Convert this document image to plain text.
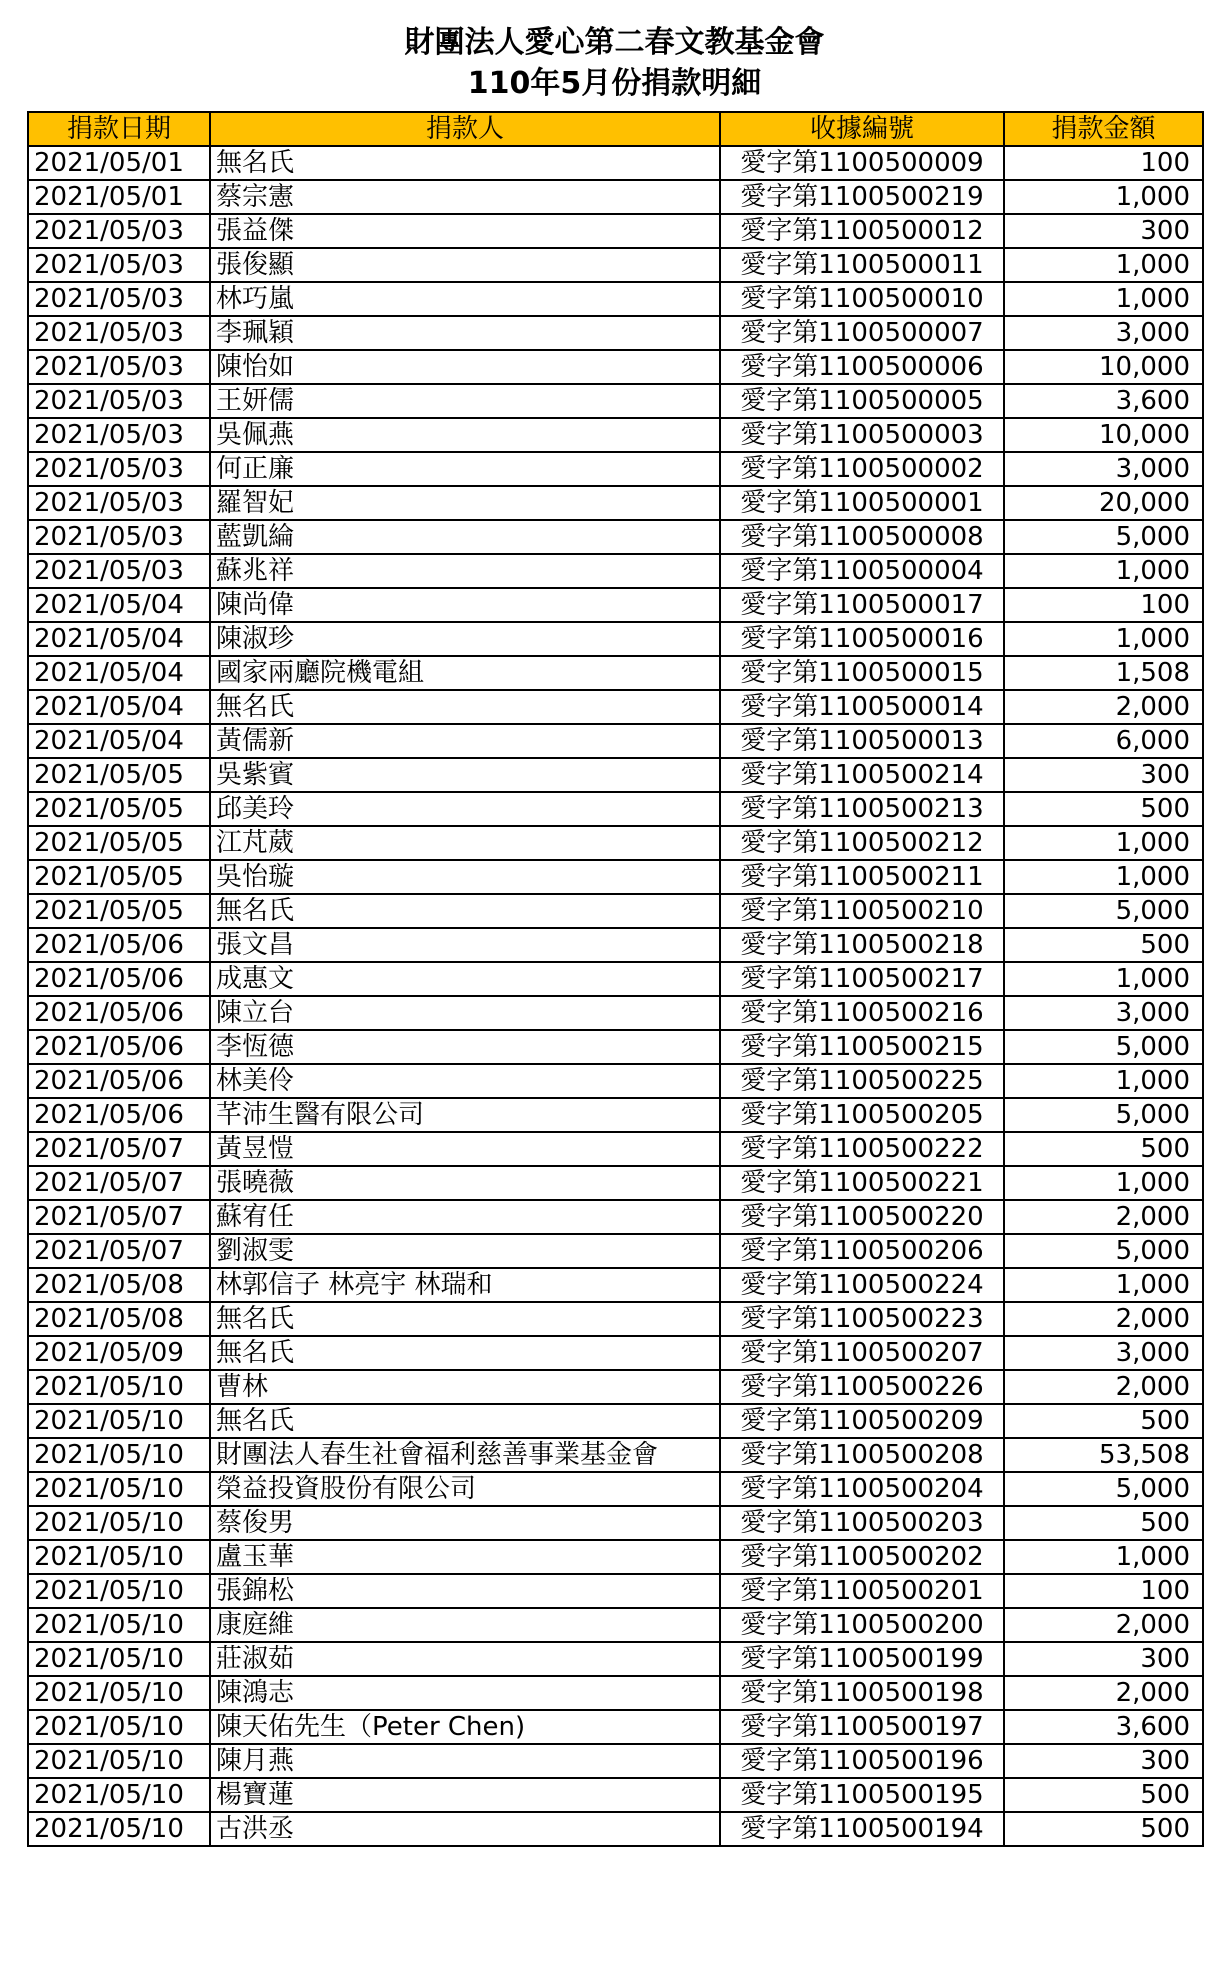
財團法人愛心第二春文教基金會
110年5月份捐款明細
捐款日期	捐款人	收據編號	捐款金額
2021/05/01	無名氏	愛字第1100500009	100
2021/05/01	蔡宗憲	愛字第1100500219	1,000
2021/05/03	張益傑	愛字第1100500012	300
2021/05/03	張俊顯	愛字第1100500011	1,000
2021/05/03	林巧嵐	愛字第1100500010	1,000
2021/05/03	李珮穎	愛字第1100500007	3,000
2021/05/03	陳怡如	愛字第1100500006	10,000
2021/05/03	王妍儒	愛字第1100500005	3,600
2021/05/03	吳佩燕	愛字第1100500003	10,000
2021/05/03	何正廉	愛字第1100500002	3,000
2021/05/03	羅智妃	愛字第1100500001	20,000
2021/05/03	藍凱綸	愛字第1100500008	5,000
2021/05/03	蘇兆祥	愛字第1100500004	1,000
2021/05/04	陳尚偉	愛字第1100500017	100
2021/05/04	陳淑珍	愛字第1100500016	1,000
2021/05/04	國家兩廳院機電組	愛字第1100500015	1,508
2021/05/04	無名氏	愛字第1100500014	2,000
2021/05/04	黃儒新	愛字第1100500013	6,000
2021/05/05	吳紫賓	愛字第1100500214	300
2021/05/05	邱美玲	愛字第1100500213	500
2021/05/05	江芃葳	愛字第1100500212	1,000
2021/05/05	吳怡璇	愛字第1100500211	1,000
2021/05/05	無名氏	愛字第1100500210	5,000
2021/05/06	張文昌	愛字第1100500218	500
2021/05/06	成惠文	愛字第1100500217	1,000
2021/05/06	陳立台	愛字第1100500216	3,000
2021/05/06	李恆德	愛字第1100500215	5,000
2021/05/06	林美伶	愛字第1100500225	1,000
2021/05/06	芊沛生醫有限公司	愛字第1100500205	5,000
2021/05/07	黃昱愷	愛字第1100500222	500
2021/05/07	張曉薇	愛字第1100500221	1,000
2021/05/07	蘇宥任	愛字第1100500220	2,000
2021/05/07	劉淑雯	愛字第1100500206	5,000
2021/05/08	林郭信子 林亮宇 林瑞和	愛字第1100500224	1,000
2021/05/08	無名氏	愛字第1100500223	2,000
2021/05/09	無名氏	愛字第1100500207	3,000
2021/05/10	曹林	愛字第1100500226	2,000
2021/05/10	無名氏	愛字第1100500209	500
2021/05/10	財團法人春生社會福利慈善事業基金會	愛字第1100500208	53,508
2021/05/10	榮益投資股份有限公司	愛字第1100500204	5,000
2021/05/10	蔡俊男	愛字第1100500203	500
2021/05/10	盧玉華	愛字第1100500202	1,000
2021/05/10	張錦松	愛字第1100500201	100
2021/05/10	康庭維	愛字第1100500200	2,000
2021/05/10	莊淑茹	愛字第1100500199	300
2021/05/10	陳鴻志	愛字第1100500198	2,000
2021/05/10	陳天佑先生（Peter Chen)	愛字第1100500197	3,600
2021/05/10	陳月燕	愛字第1100500196	300
2021/05/10	楊寶蓮	愛字第1100500195	500
2021/05/10	古洪丞	愛字第1100500194	500
